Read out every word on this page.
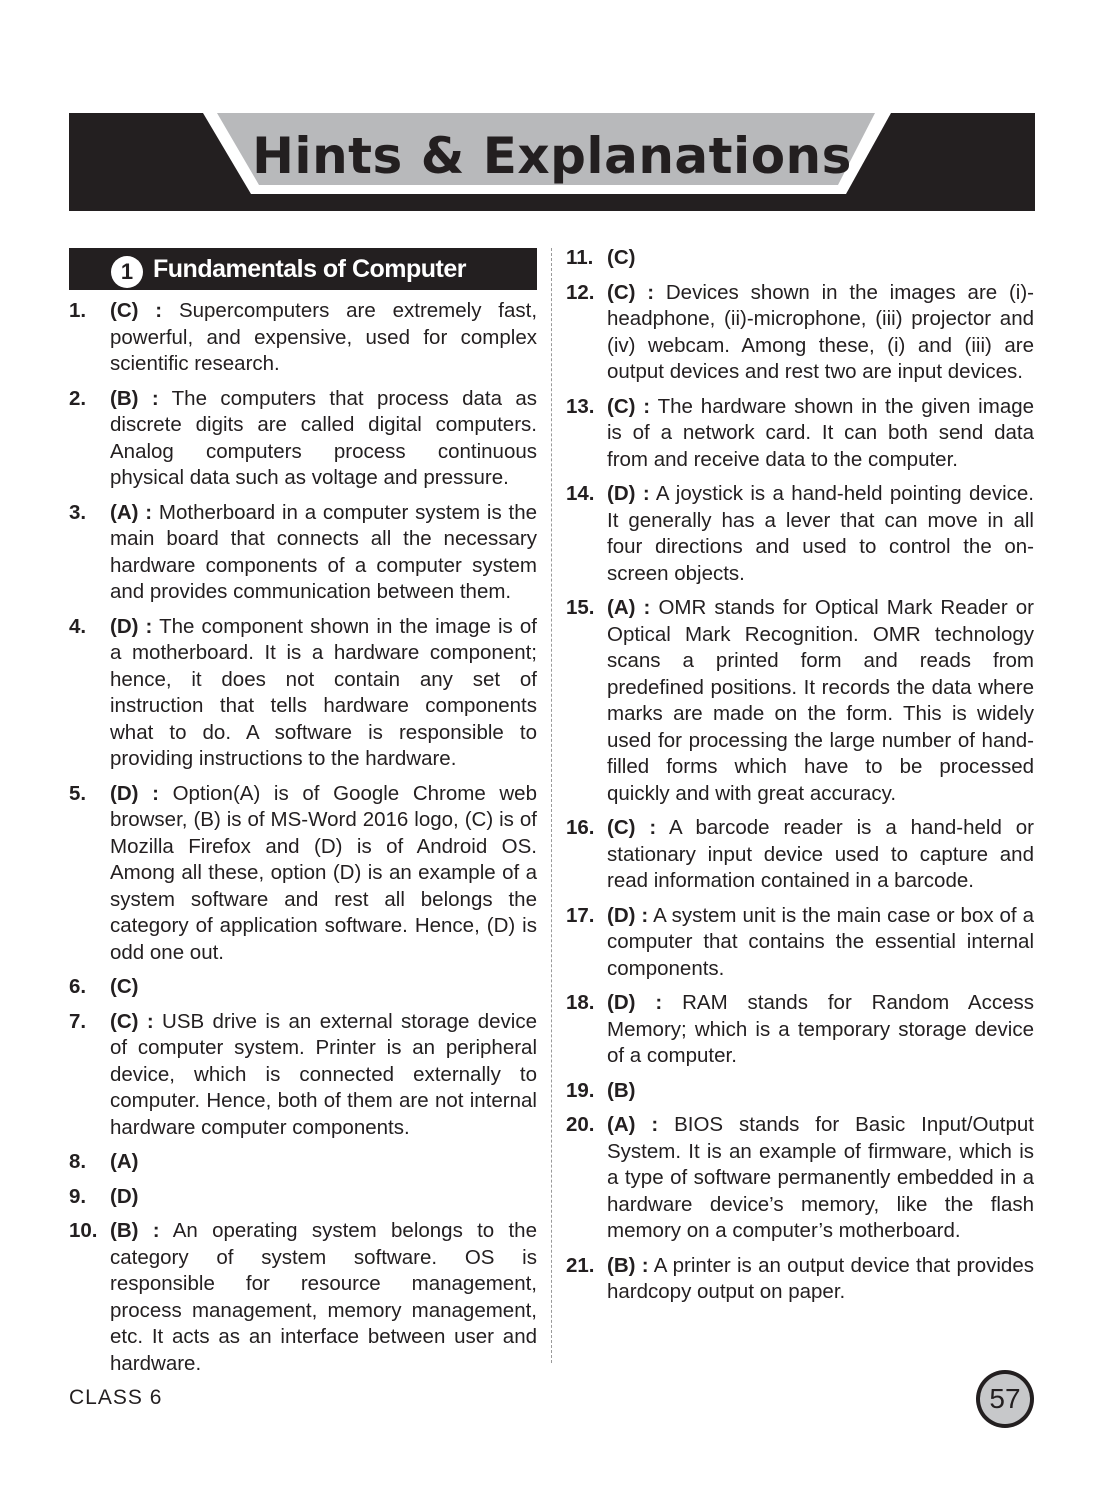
Hints & Explanations
1 Fundamentals of Computer
1.	(C) : Supercomputers are extremely fast, powerful, and expensive, used for complex scientific research.
2.	(B) : The computers that process data as discrete digits are called digital computers. Analog computers process continuous physical data such as voltage and pressure.
3.	(A) : Motherboard in a computer system is the main board that connects all the necessary hardware components of a computer system and provides communication between them.
4.	(D) : The component shown in the image is of a motherboard. It is a hardware component; hence, it does not contain any set of instruction that tells hardware components what to do. A software is responsible to providing instructions to the hardware.
5.	(D) : Option(A) is of Google Chrome web browser, (B) is of MS-Word 2016 logo, (C) is of Mozilla Firefox and (D) is of Android OS. Among all these, option (D) is an example of a system software and rest all belongs the category of application software. Hence, (D) is odd one out.
6.	(C)
7.	(C) : USB drive is an external storage device of computer system. Printer is an peripheral device, which is connected externally to computer. Hence, both of them are not internal hardware computer components.
8.	(A)
9.	(D)
10. (B) : An operating system belongs to the category of system software. OS is responsible for resource management, process management, memory management, etc. It acts as an interface between user and hardware.
11. (C)
12. (C) : Devices shown in the images are (i)-headphone, (ii)-microphone, (iii) projector and (iv) webcam. Among these, (i) and (iii) are output devices and rest two are input devices.
13. (C) : The hardware shown in the given image is of a network card. It can both send data from and receive data to the computer.
14. (D) : A joystick is a hand-held pointing device. It generally has a lever that can move in all four directions and used to control the on-screen objects.
15. (A) : OMR stands for Optical Mark Reader or Optical Mark Recognition. OMR technology scans a printed form and reads from predefined positions. It records the data where marks are made on the form. This is widely used for processing the large number of hand-filled forms which have to be processed quickly and with great accuracy.
16. (C) : A barcode reader is a hand-held or stationary input device used to capture and read information contained in a barcode.
17. (D) : A system unit is the main case or box of a computer that contains the essential internal components.
18. (D) : RAM stands for Random Access Memory; which is a temporary storage device of a computer.
19. (B)
20. (A) : BIOS stands for Basic Input/Output System. It is an example of firmware, which is a type of software permanently embedded in a hardware device’s memory, like the flash memory on a computer’s motherboard.
21. (B) : A printer is an output device that provides hardcopy output on paper.
CLASS 6	57
